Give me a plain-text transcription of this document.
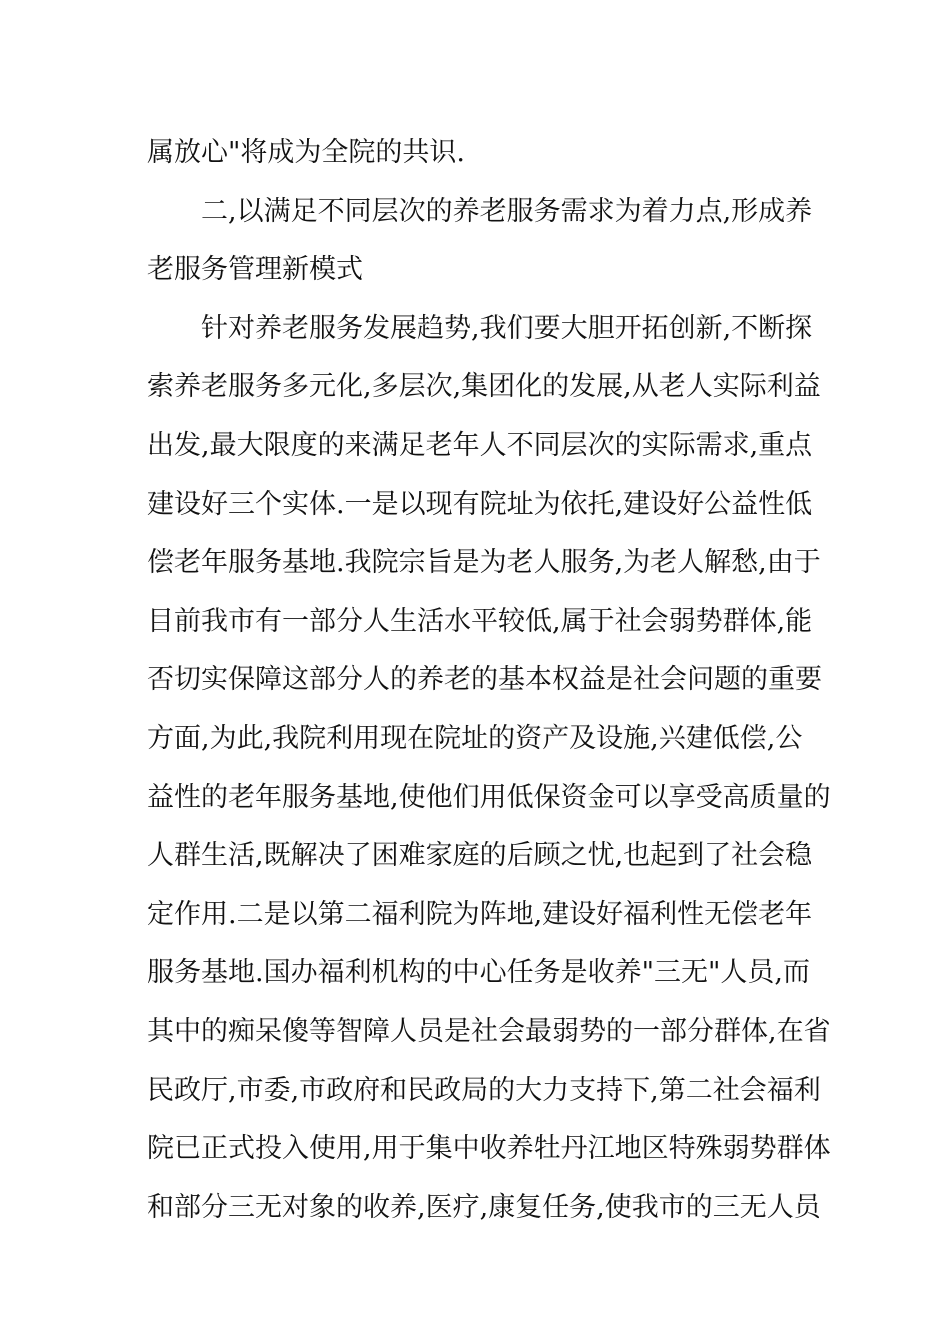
属放心"将成为全院的共识.
二,以满足不同层次的养老服务需求为着力点,形成养
老服务管理新模式
针对养老服务发展趋势,我们要大胆开拓创新,不断探
索养老服务多元化,多层次,集团化的发展,从老人实际利益
出发,最大限度的来满足老年人不同层次的实际需求,重点
建设好三个实体.一是以现有院址为依托,建设好公益性低
偿老年服务基地.我院宗旨是为老人服务,为老人解愁,由于
目前我市有一部分人生活水平较低,属于社会弱势群体,能
否切实保障这部分人的养老的基本权益是社会问题的重要
方面,为此,我院利用现在院址的资产及设施,兴建低偿,公
益性的老年服务基地,使他们用低保资金可以享受高质量的
人群生活,既解决了困难家庭的后顾之忧,也起到了社会稳
定作用.二是以第二福利院为阵地,建设好福利性无偿老年
服务基地.国办福利机构的中心任务是收养"三无"人员,而
其中的痴呆傻等智障人员是社会最弱势的一部分群体,在省
民政厅,市委,市政府和民政局的大力支持下,第二社会福利
院已正式投入使用,用于集中收养牡丹江地区特殊弱势群体
和部分三无对象的收养,医疗,康复任务,使我市的三无人员
